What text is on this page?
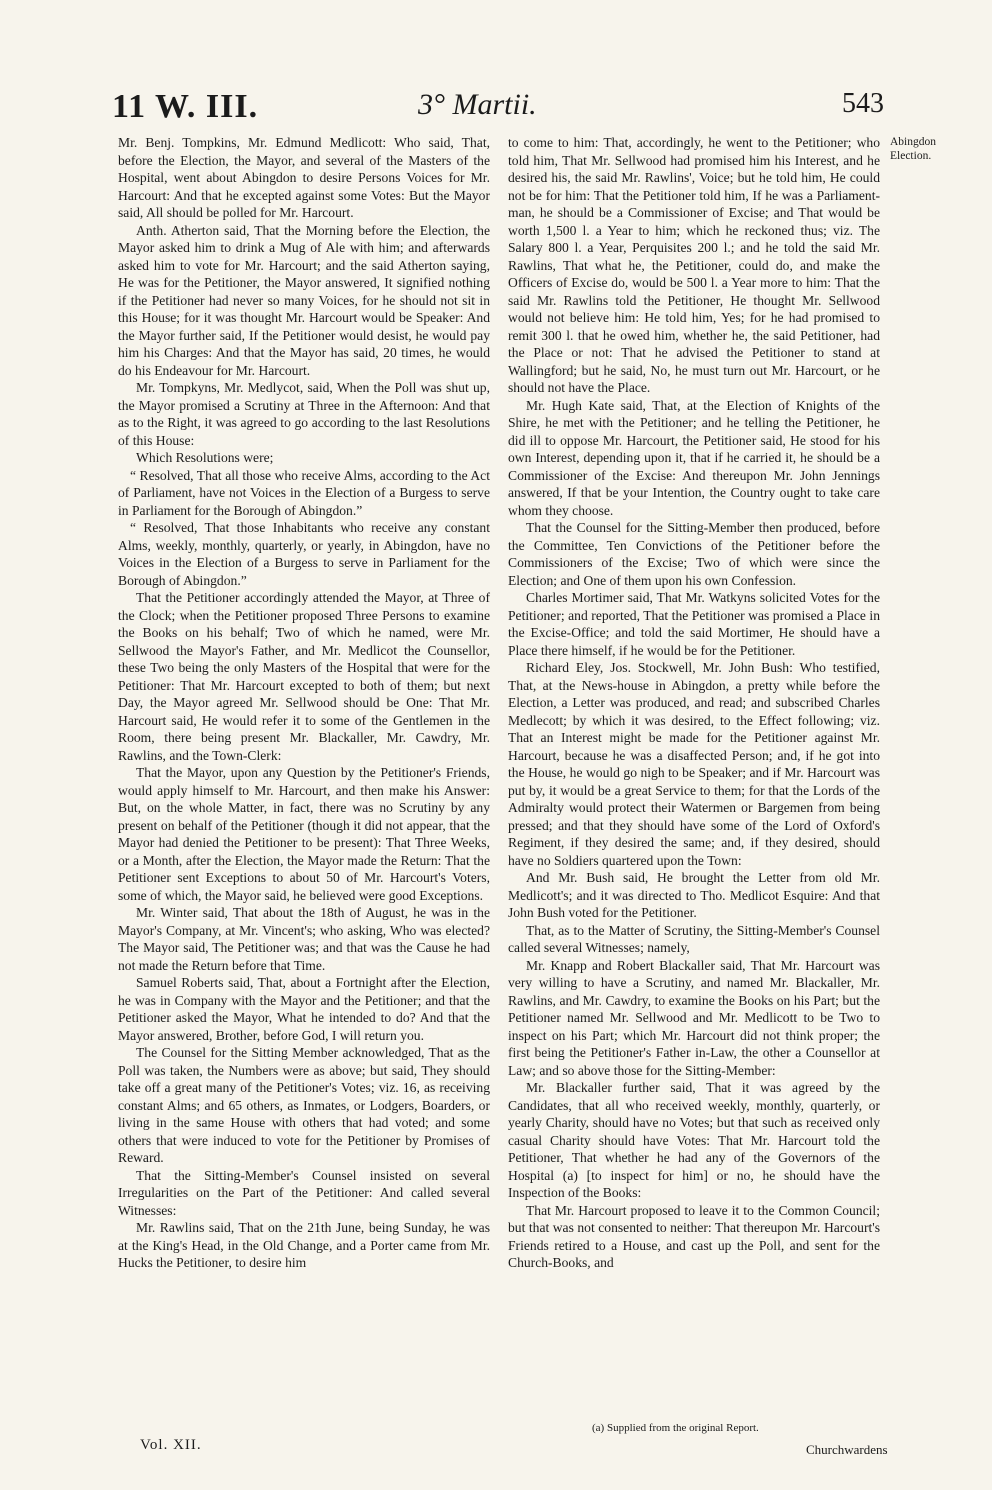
11 W. III.	3° Martii.	543

Mr. Benj. Tompkins, Mr. Edmund Medlicott: Who said, That, before the Election, the Mayor, and several of the Masters of the Hospital, went about Abingdon to desire Persons Voices for Mr. Harcourt: And that he excepted against some Votes: But the Mayor said, All should be polled for Mr. Harcourt.

Anth. Atherton said, That the Morning before the Election, the Mayor asked him to drink a Mug of Ale with him; and afterwards asked him to vote for Mr. Harcourt; and the said Atherton saying, He was for the Petitioner, the Mayor answered, It signified nothing if the Petitioner had never so many Voices, for he should not sit in this House; for it was thought Mr. Harcourt would be Speaker: And the Mayor further said, If the Petitioner would desist, he would pay him his Charges: And that the Mayor has said, 20 times, he would do his Endeavour for Mr. Harcourt.

Mr. Tompkyns, Mr. Medlycot, said, When the Poll was shut up, the Mayor promised a Scrutiny at Three in the Afternoon: And that as to the Right, it was agreed to go according to the last Resolutions of this House:

Which Resolutions were;

“ Resolved, That all those who receive Alms, according to the Act of Parliament, have not Voices in the Election of a Burgess to serve in Parliament for the Borough of Abingdon.”

“ Resolved, That those Inhabitants who receive any constant Alms, weekly, monthly, quarterly, or yearly, in Abingdon, have no Voices in the Election of a Burgess to serve in Parliament for the Borough of Abingdon.”

That the Petitioner accordingly attended the Mayor, at Three of the Clock; when the Petitioner proposed Three Persons to examine the Books on his behalf; Two of which he named, were Mr. Sellwood the Mayor's Father, and Mr. Medlicot the Counsellor, these Two being the only Masters of the Hospital that were for the Petitioner: That Mr. Harcourt excepted to both of them; but next Day, the Mayor agreed Mr. Sellwood should be One: That Mr. Harcourt said, He would refer it to some of the Gentlemen in the Room, there being present Mr. Blackaller, Mr. Cawdry, Mr. Rawlins, and the Town-Clerk:

That the Mayor, upon any Question by the Petitioner's Friends, would apply himself to Mr. Harcourt, and then make his Answer: But, on the whole Matter, in fact, there was no Scrutiny by any present on behalf of the Petitioner (though it did not appear, that the Mayor had denied the Petitioner to be present): That Three Weeks, or a Month, after the Election, the Mayor made the Return: That the Petitioner sent Exceptions to about 50 of Mr. Harcourt's Voters, some of which, the Mayor said, he believed were good Exceptions.

Mr. Winter said, That about the 18th of August, he was in the Mayor's Company, at Mr. Vincent's; who asking, Who was elected? The Mayor said, The Petitioner was; and that was the Cause he had not made the Return before that Time.

Samuel Roberts said, That, about a Fortnight after the Election, he was in Company with the Mayor and the Petitioner; and that the Petitioner asked the Mayor, What he intended to do? And that the Mayor answered, Brother, before God, I will return you.

The Counsel for the Sitting Member acknowledged, That as the Poll was taken, the Numbers were as above; but said, They should take off a great many of the Petitioner's Votes; viz. 16, as receiving constant Alms; and 65 others, as Inmates, or Lodgers, Boarders, or living in the same House with others that had voted; and some others that were induced to vote for the Petitioner by Promises of Reward.

That the Sitting-Member's Counsel insisted on several Irregularities on the Part of the Petitioner: And called several Witnesses:

Mr. Rawlins said, That on the 21th June, being Sunday, he was at the King's Head, in the Old Change, and a Porter came from Mr. Hucks the Petitioner, to desire him

to come to him: That, accordingly, he went to the Petitioner; who told him, That Mr. Sellwood had promised him his Interest, and he desired his, the said Mr. Rawlins', Voice; but he told him, He could not be for him: That the Petitioner told him, If he was a Parliament-man, he should be a Commissioner of Excise; and That would be worth 1,500 l. a Year to him; which he reckoned thus; viz. The Salary 800 l. a Year, Perquisites 200 l.; and he told the said Mr. Rawlins, That what he, the Petitioner, could do, and make the Officers of Excise do, would be 500 l. a Year more to him: That the said Mr. Rawlins told the Petitioner, He thought Mr. Sellwood would not believe him: He told him, Yes; for he had promised to remit 300 l. that he owed him, whether he, the said Petitioner, had the Place or not: That he advised the Petitioner to stand at Wallingford; but he said, No, he must turn out Mr. Harcourt, or he should not have the Place.

Mr. Hugh Kate said, That, at the Election of Knights of the Shire, he met with the Petitioner; and he telling the Petitioner, he did ill to oppose Mr. Harcourt, the Petitioner said, He stood for his own Interest, depending upon it, that if he carried it, he should be a Commissioner of the Excise: And thereupon Mr. John Jennings answered, If that be your Intention, the Country ought to take care whom they choose.

That the Counsel for the Sitting-Member then produced, before the Committee, Ten Convictions of the Petitioner before the Commissioners of the Excise; Two of which were since the Election; and One of them upon his own Confession.

Charles Mortimer said, That Mr. Watkyns solicited Votes for the Petitioner; and reported, That the Petitioner was promised a Place in the Excise-Office; and told the said Mortimer, He should have a Place there himself, if he would be for the Petitioner.

Richard Eley, Jos. Stockwell, Mr. John Bush: Who testified, That, at the News-house in Abingdon, a pretty while before the Election, a Letter was produced, and read; and subscribed Charles Medlecott; by which it was desired, to the Effect following; viz. That an Interest might be made for the Petitioner against Mr. Harcourt, because he was a disaffected Person; and, if he got into the House, he would go nigh to be Speaker; and if Mr. Harcourt was put by, it would be a great Service to them; for that the Lords of the Admiralty would protect their Watermen or Bargemen from being pressed; and that they should have some of the Lord of Oxford's Regiment, if they desired the same; and, if they desired, should have no Soldiers quartered upon the Town:

And Mr. Bush said, He brought the Letter from old Mr. Medlicott's; and it was directed to Tho. Medlicot Esquire: And that John Bush voted for the Petitioner.

That, as to the Matter of Scrutiny, the Sitting-Member's Counsel called several Witnesses; namely,

Mr. Knapp and Robert Blackaller said, That Mr. Harcourt was very willing to have a Scrutiny, and named Mr. Blackaller, Mr. Rawlins, and Mr. Cawdry, to examine the Books on his Part; but the Petitioner named Mr. Sellwood and Mr. Medlicott to be Two to inspect on his Part; which Mr. Harcourt did not think proper; the first being the Petitioner's Father in-Law, the other a Counsellor at Law; and so above those for the Sitting-Member:

Mr. Blackaller further said, That it was agreed by the Candidates, that all who received weekly, monthly, quarterly, or yearly Charity, should have no Votes; but that such as received only casual Charity should have Votes: That Mr. Harcourt told the Petitioner, That whether he had any of the Governors of the Hospital (a) [to inspect for him] or no, he should have the Inspection of the Books:

That Mr. Harcourt proposed to leave it to the Common Council; but that was not consented to neither: That thereupon Mr. Harcourt's Friends retired to a House, and cast up the Poll, and sent for the Church-Books, and

Abingdon Election.
(a) Supplied from the original Report.
Vol. XII.	Churchwardens
